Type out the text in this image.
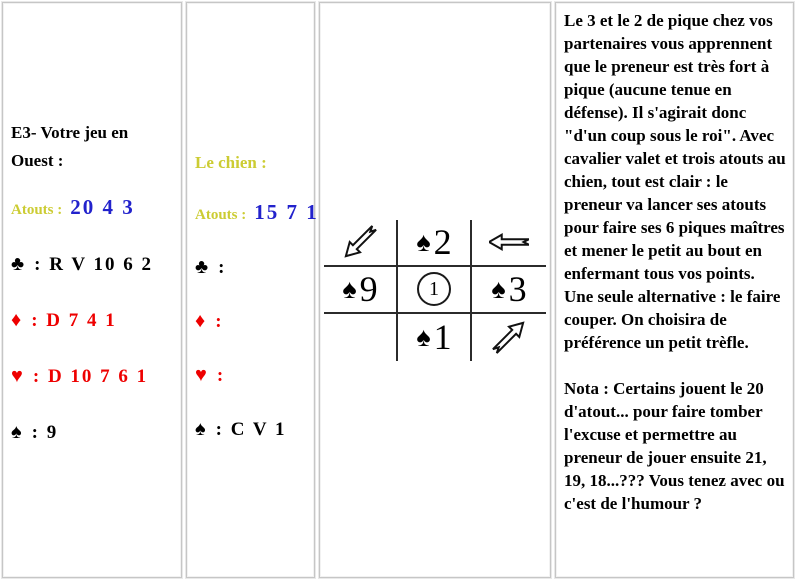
E3- Votre jeu en Ouest :
Atouts : 20 4 3
♣ : R V 10 6 2
♦ : D 7 4 1
♥ : D 10 7 6 1
♠ : 9
Le chien :
Atouts : 15 7 1
♣ :
♦ :
♥ :
♠ : C V 1
♠ 2
♠ 9	1	♠ 3
♠ 1
Le 3 et le 2 de pique chez vos partenaires vous apprennent que le preneur est très fort à pique (aucune tenue en défense). Il s'agirait donc "d'un coup sous le roi". Avec cavalier valet et trois atouts au chien, tout est clair : le preneur va lancer ses atouts pour faire ses 6 piques maîtres et mener le petit au bout en enfermant tous vos points. Une seule alternative : le faire couper. On choisira de préférence un petit trèfle.
Nota : Certains jouent le 20 d'atout... pour faire tomber l'excuse et permettre au preneur de jouer ensuite 21, 19, 18...??? Vous tenez avec ou c'est de l'humour ?
